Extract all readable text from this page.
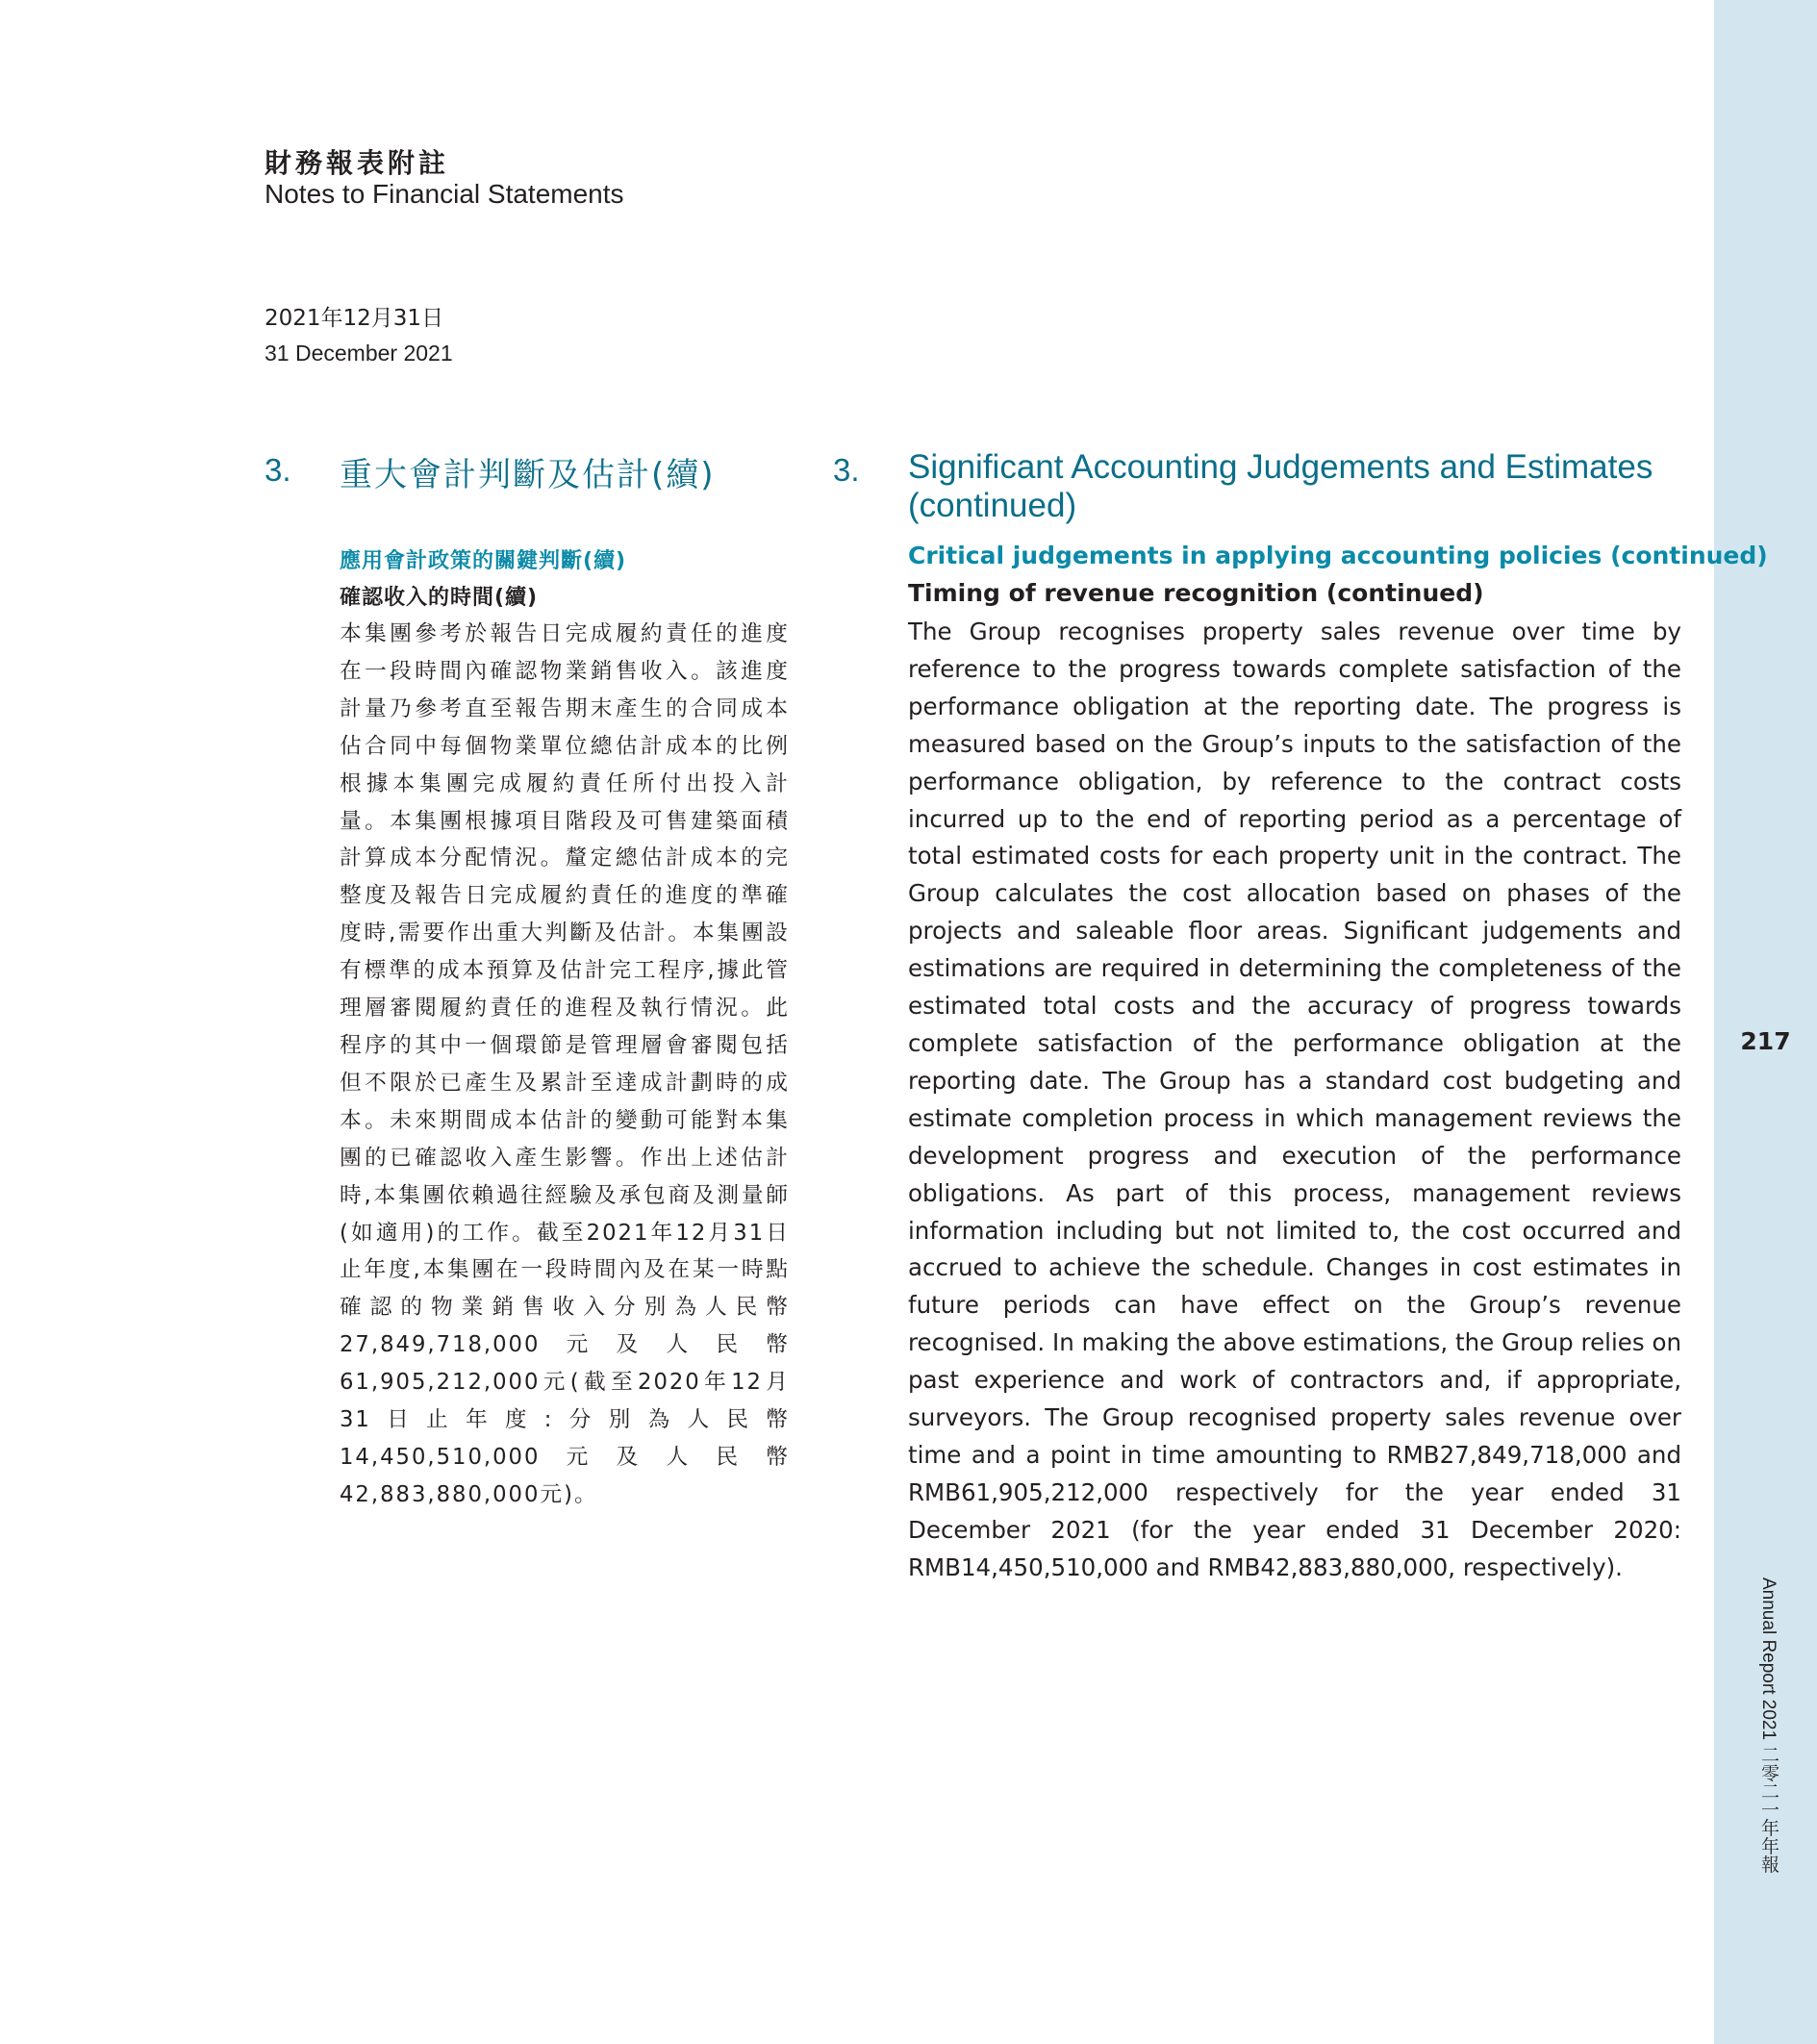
217
Annual Report 2021 二零二一年年報
財務報表附註
Notes to Financial Statements
2021年12月31日
31 December 2021
3. 重大會計判斷及估計(續)
應用會計政策的關鍵判斷(續)
確認收入的時間(續)
本集團參考於報告日完成履約責任的進度在一段時間內確認物業銷售收入。該進度計量乃參考直至報告期末產生的合同成本佔合同中每個物業單位總估計成本的比例根據本集團完成履約責任所付出投入計量。本集團根據項目階段及可售建築面積計算成本分配情況。釐定總估計成本的完整度及報告日完成履約責任的進度的準確度時,需要作出重大判斷及估計。本集團設有標準的成本預算及估計完工程序,據此管理層審閱履約責任的進程及執行情況。此程序的其中一個環節是管理層會審閱包括但不限於已產生及累計至達成計劃時的成本。未來期間成本估計的變動可能對本集團的已確認收入產生影響。作出上述估計時,本集團依賴過往經驗及承包商及測量師(如適用)的工作。截至2021年12月31日止年度,本集團在一段時間內及在某一時點確認的物業銷售收入分別為人民幣27,849,718,000元及人民幣61,905,212,000元(截至2020年12月31日止年度:分別為人民幣14,450,510,000元及人民幣42,883,880,000元)。
3. Significant Accounting Judgements and Estimates (continued)
Critical judgements in applying accounting policies (continued)
Timing of revenue recognition (continued)
The Group recognises property sales revenue over time by reference to the progress towards complete satisfaction of the performance obligation at the reporting date. The progress is measured based on the Group’s inputs to the satisfaction of the performance obligation, by reference to the contract costs incurred up to the end of reporting period as a percentage of total estimated costs for each property unit in the contract. The Group calculates the cost allocation based on phases of the projects and saleable floor areas. Significant judgements and estimations are required in determining the completeness of the estimated total costs and the accuracy of progress towards complete satisfaction of the performance obligation at the reporting date. The Group has a standard cost budgeting and estimate completion process in which management reviews the development progress and execution of the performance obligations. As part of this process, management reviews information including but not limited to, the cost occurred and accrued to achieve the schedule. Changes in cost estimates in future periods can have effect on the Group’s revenue recognised. In making the above estimations, the Group relies on past experience and work of contractors and, if appropriate, surveyors. The Group recognised property sales revenue over time and a point in time amounting to RMB27,849,718,000 and RMB61,905,212,000 respectively for the year ended 31 December 2021 (for the year ended 31 December 2020: RMB14,450,510,000 and RMB42,883,880,000, respectively).
